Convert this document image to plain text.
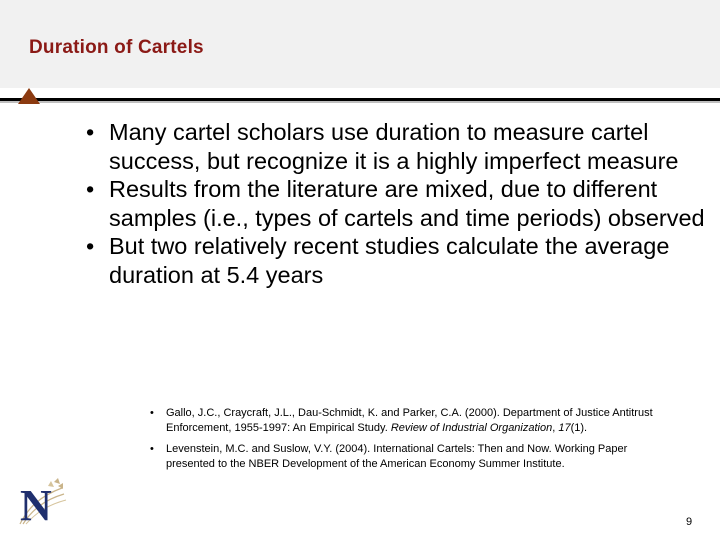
Duration of Cartels
• Many cartel scholars use duration to measure cartel success, but recognize it is a highly imperfect measure
• Results from the literature are mixed, due to different samples (i.e., types of cartels and time periods) observed
• But two relatively recent studies calculate the average duration at 5.4 years
• Gallo, J.C., Craycraft, J.L., Dau-Schmidt, K. and Parker, C.A. (2000). Department of Justice Antitrust Enforcement, 1955-1997: An Empirical Study. Review of Industrial Organization, 17(1).
• Levenstein, M.C. and Suslow, V.Y. (2004). International Cartels: Then and Now. Working Paper presented to the NBER Development of the American Economy Summer Institute.
N	9
